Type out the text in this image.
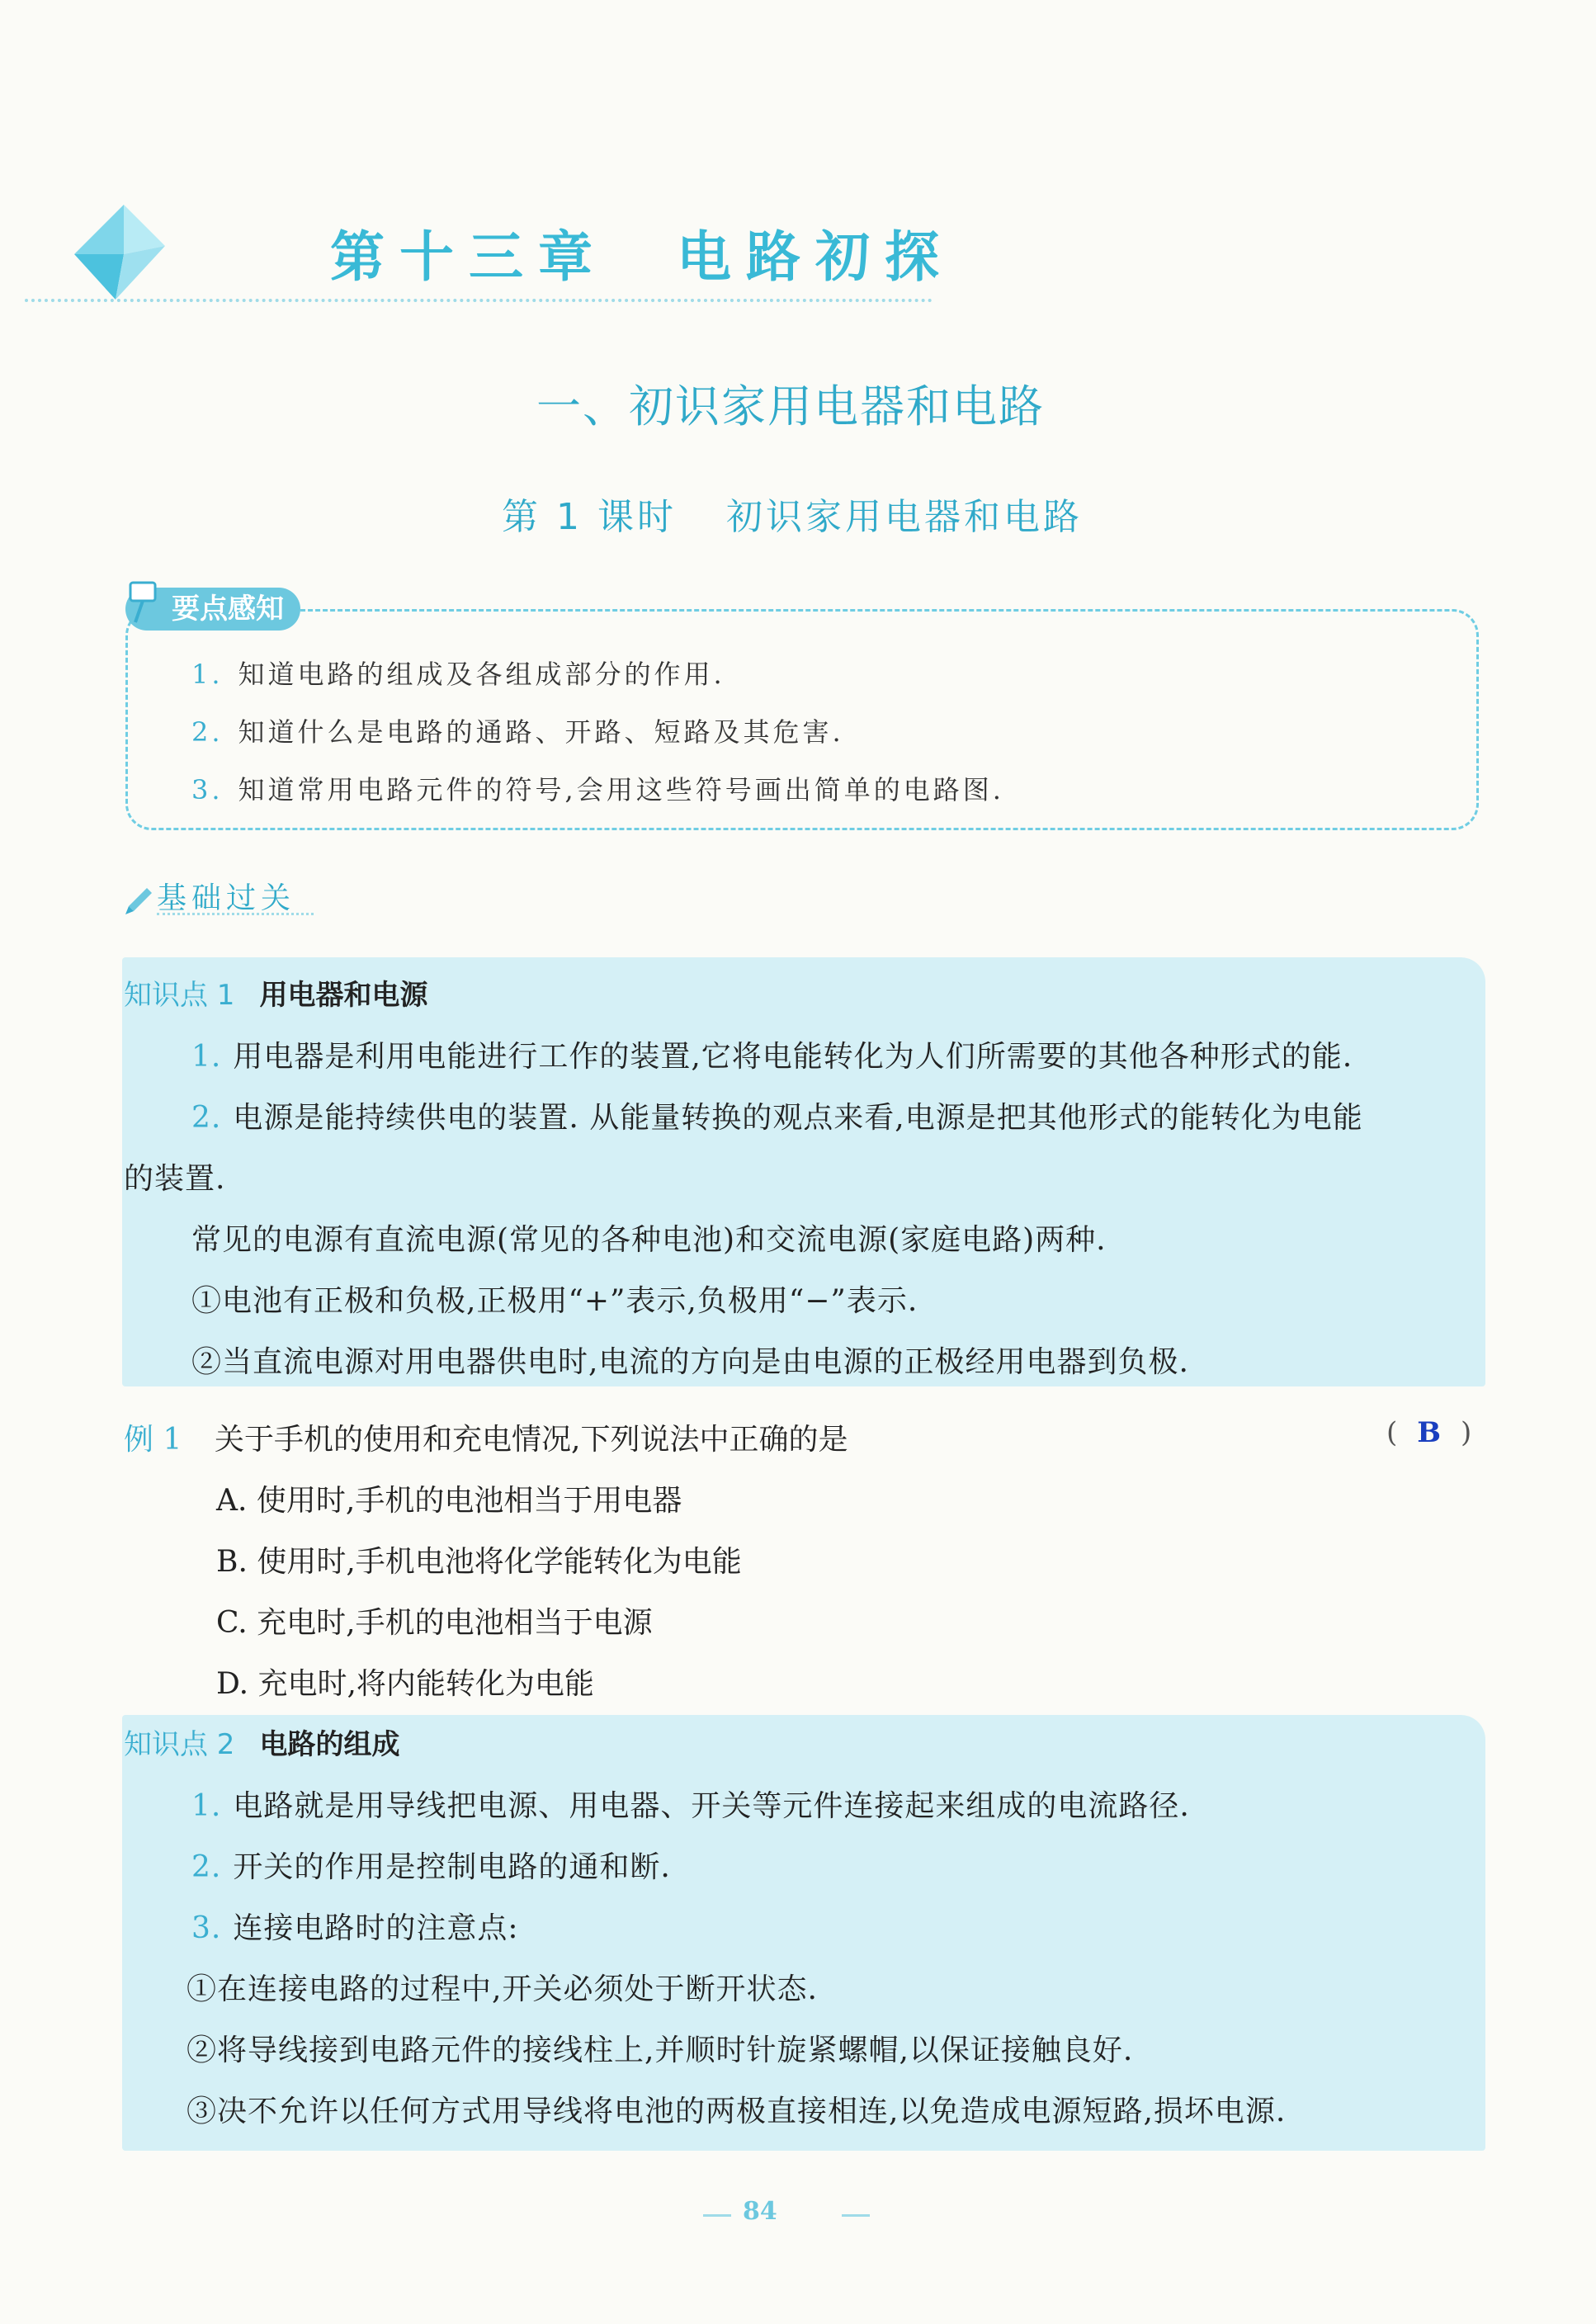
第十三章　电路初探
一、初识家用电器和电路
第 1 课时 初识家用电器和电路
要点感知
1. 知道电路的组成及各组成部分的作用.
2. 知道什么是电路的通路、开路、短路及其危害.
3. 知道常用电路元件的符号,会用这些符号画出简单的电路图.
基础过关
知识点 1 用电器和电源
1. 用电器是利用电能进行工作的装置,它将电能转化为人们所需要的其他各种形式的能.
2. 电源是能持续供电的装置. 从能量转换的观点来看,电源是把其他形式的能转化为电能
的装置.
常见的电源有直流电源(常见的各种电池)和交流电源(家庭电路)两种.
①电池有正极和负极,正极用“+”表示,负极用“−”表示.
②当直流电源对用电器供电时,电流的方向是由电源的正极经用电器到负极.
例 1 关于手机的使用和充电情况,下列说法中正确的是	(B)
A. 使用时,手机的电池相当于用电器
B. 使用时,手机电池将化学能转化为电能
C. 充电时,手机的电池相当于电源
D. 充电时,将内能转化为电能
知识点 2 电路的组成
1. 电路就是用导线把电源、用电器、开关等元件连接起来组成的电流路径.
2. 开关的作用是控制电路的通和断.
3. 连接电路时的注意点:
①在连接电路的过程中,开关必须处于断开状态.
②将导线接到电路元件的接线柱上,并顺时针旋紧螺帽,以保证接触良好.
③决不允许以任何方式用导线将电池的两极直接相连,以免造成电源短路,损坏电源.
84
